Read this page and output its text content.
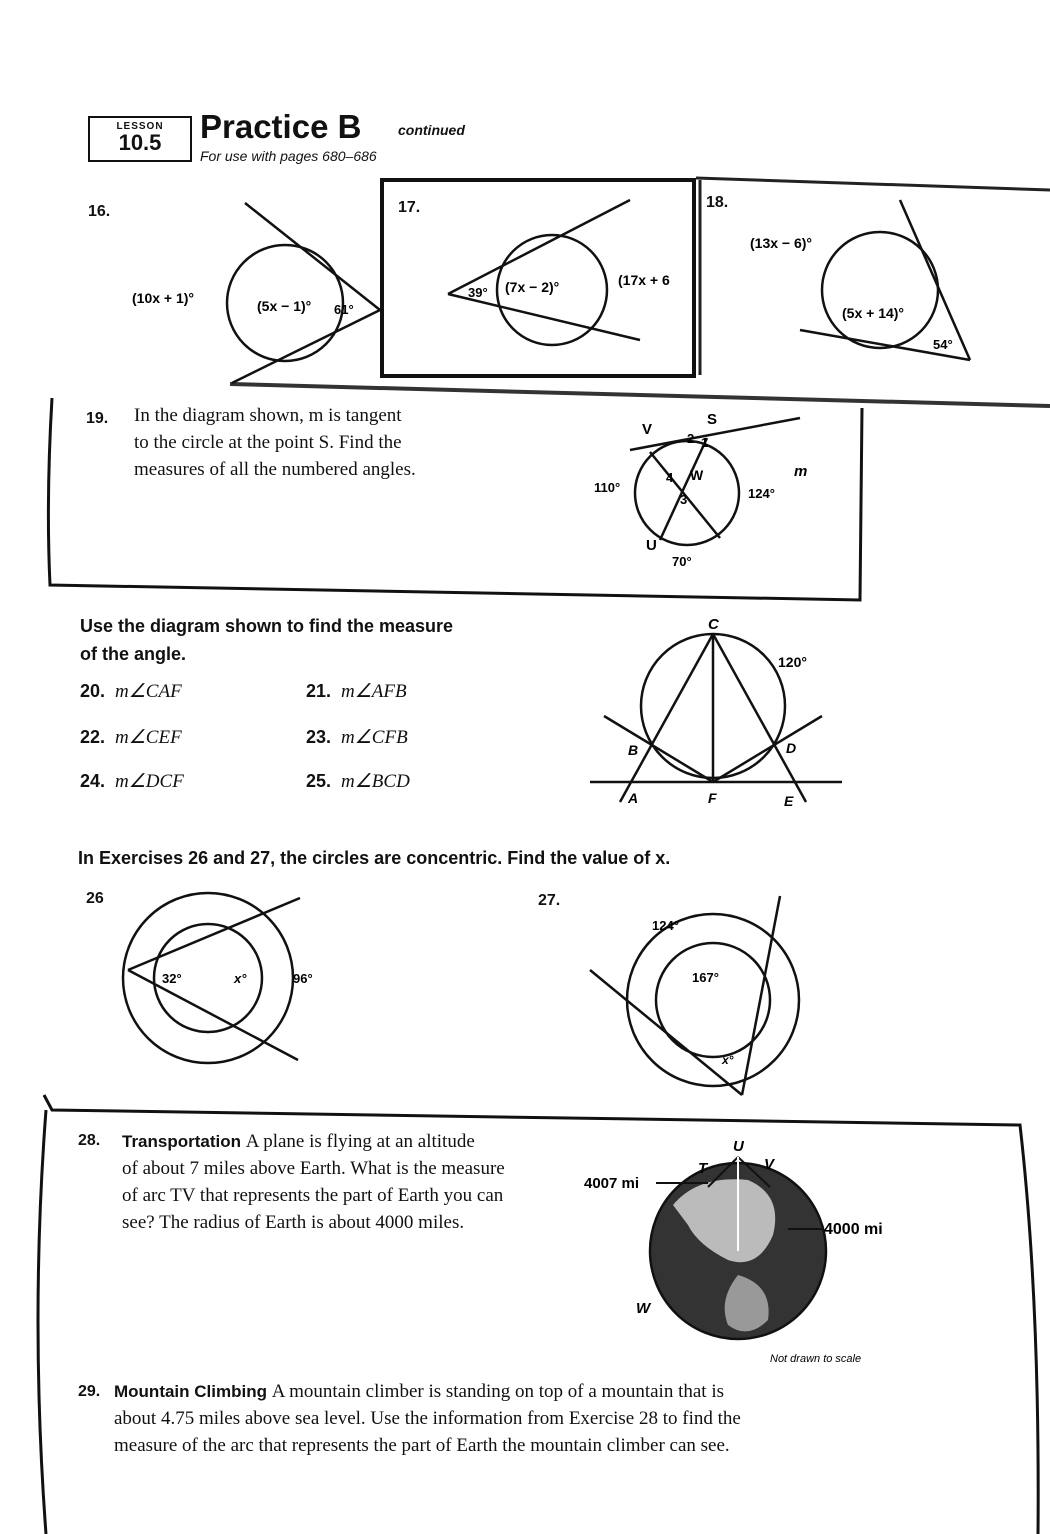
LESSON
10.5	Practice B	continued
For use with pages 680–686
16.
(10x + 1)°	(5x − 1)° 61°
17.
39° (7x − 2)°	(17x + 6
18.
(13x − 6)°
(5x + 14)°
54°
19. In the diagram shown, m is tangent
to the circle at the point S. Find the
measures of all the numbered angles.
S
V
W
U
m
1
2
3
4
110°	124°
70°
Use the diagram shown to find the measure
of the angle.
20. m∠CAF	21. m∠AFB
22. m∠CEF	23. m∠CFB
24. m∠DCF	25. m∠BCD
C
120°
B	D
A	F	E
In Exercises 26 and 27, the circles are concentric. Find the value of x.
26
32°	x°	96°
27.
124°
167°
x°
28. Transportation A plane is flying at an altitude
of about 7 miles above Earth. What is the measure
of arc TV that represents the part of Earth you can
see? The radius of Earth is about 4000 miles.
U
T	V
W
4007 mi
4000 mi
Not drawn to scale
29. Mountain Climbing A mountain climber is standing on top of a mountain that is
about 4.75 miles above sea level. Use the information from Exercise 28 to find the
measure of the arc that represents the part of Earth the mountain climber can see.
